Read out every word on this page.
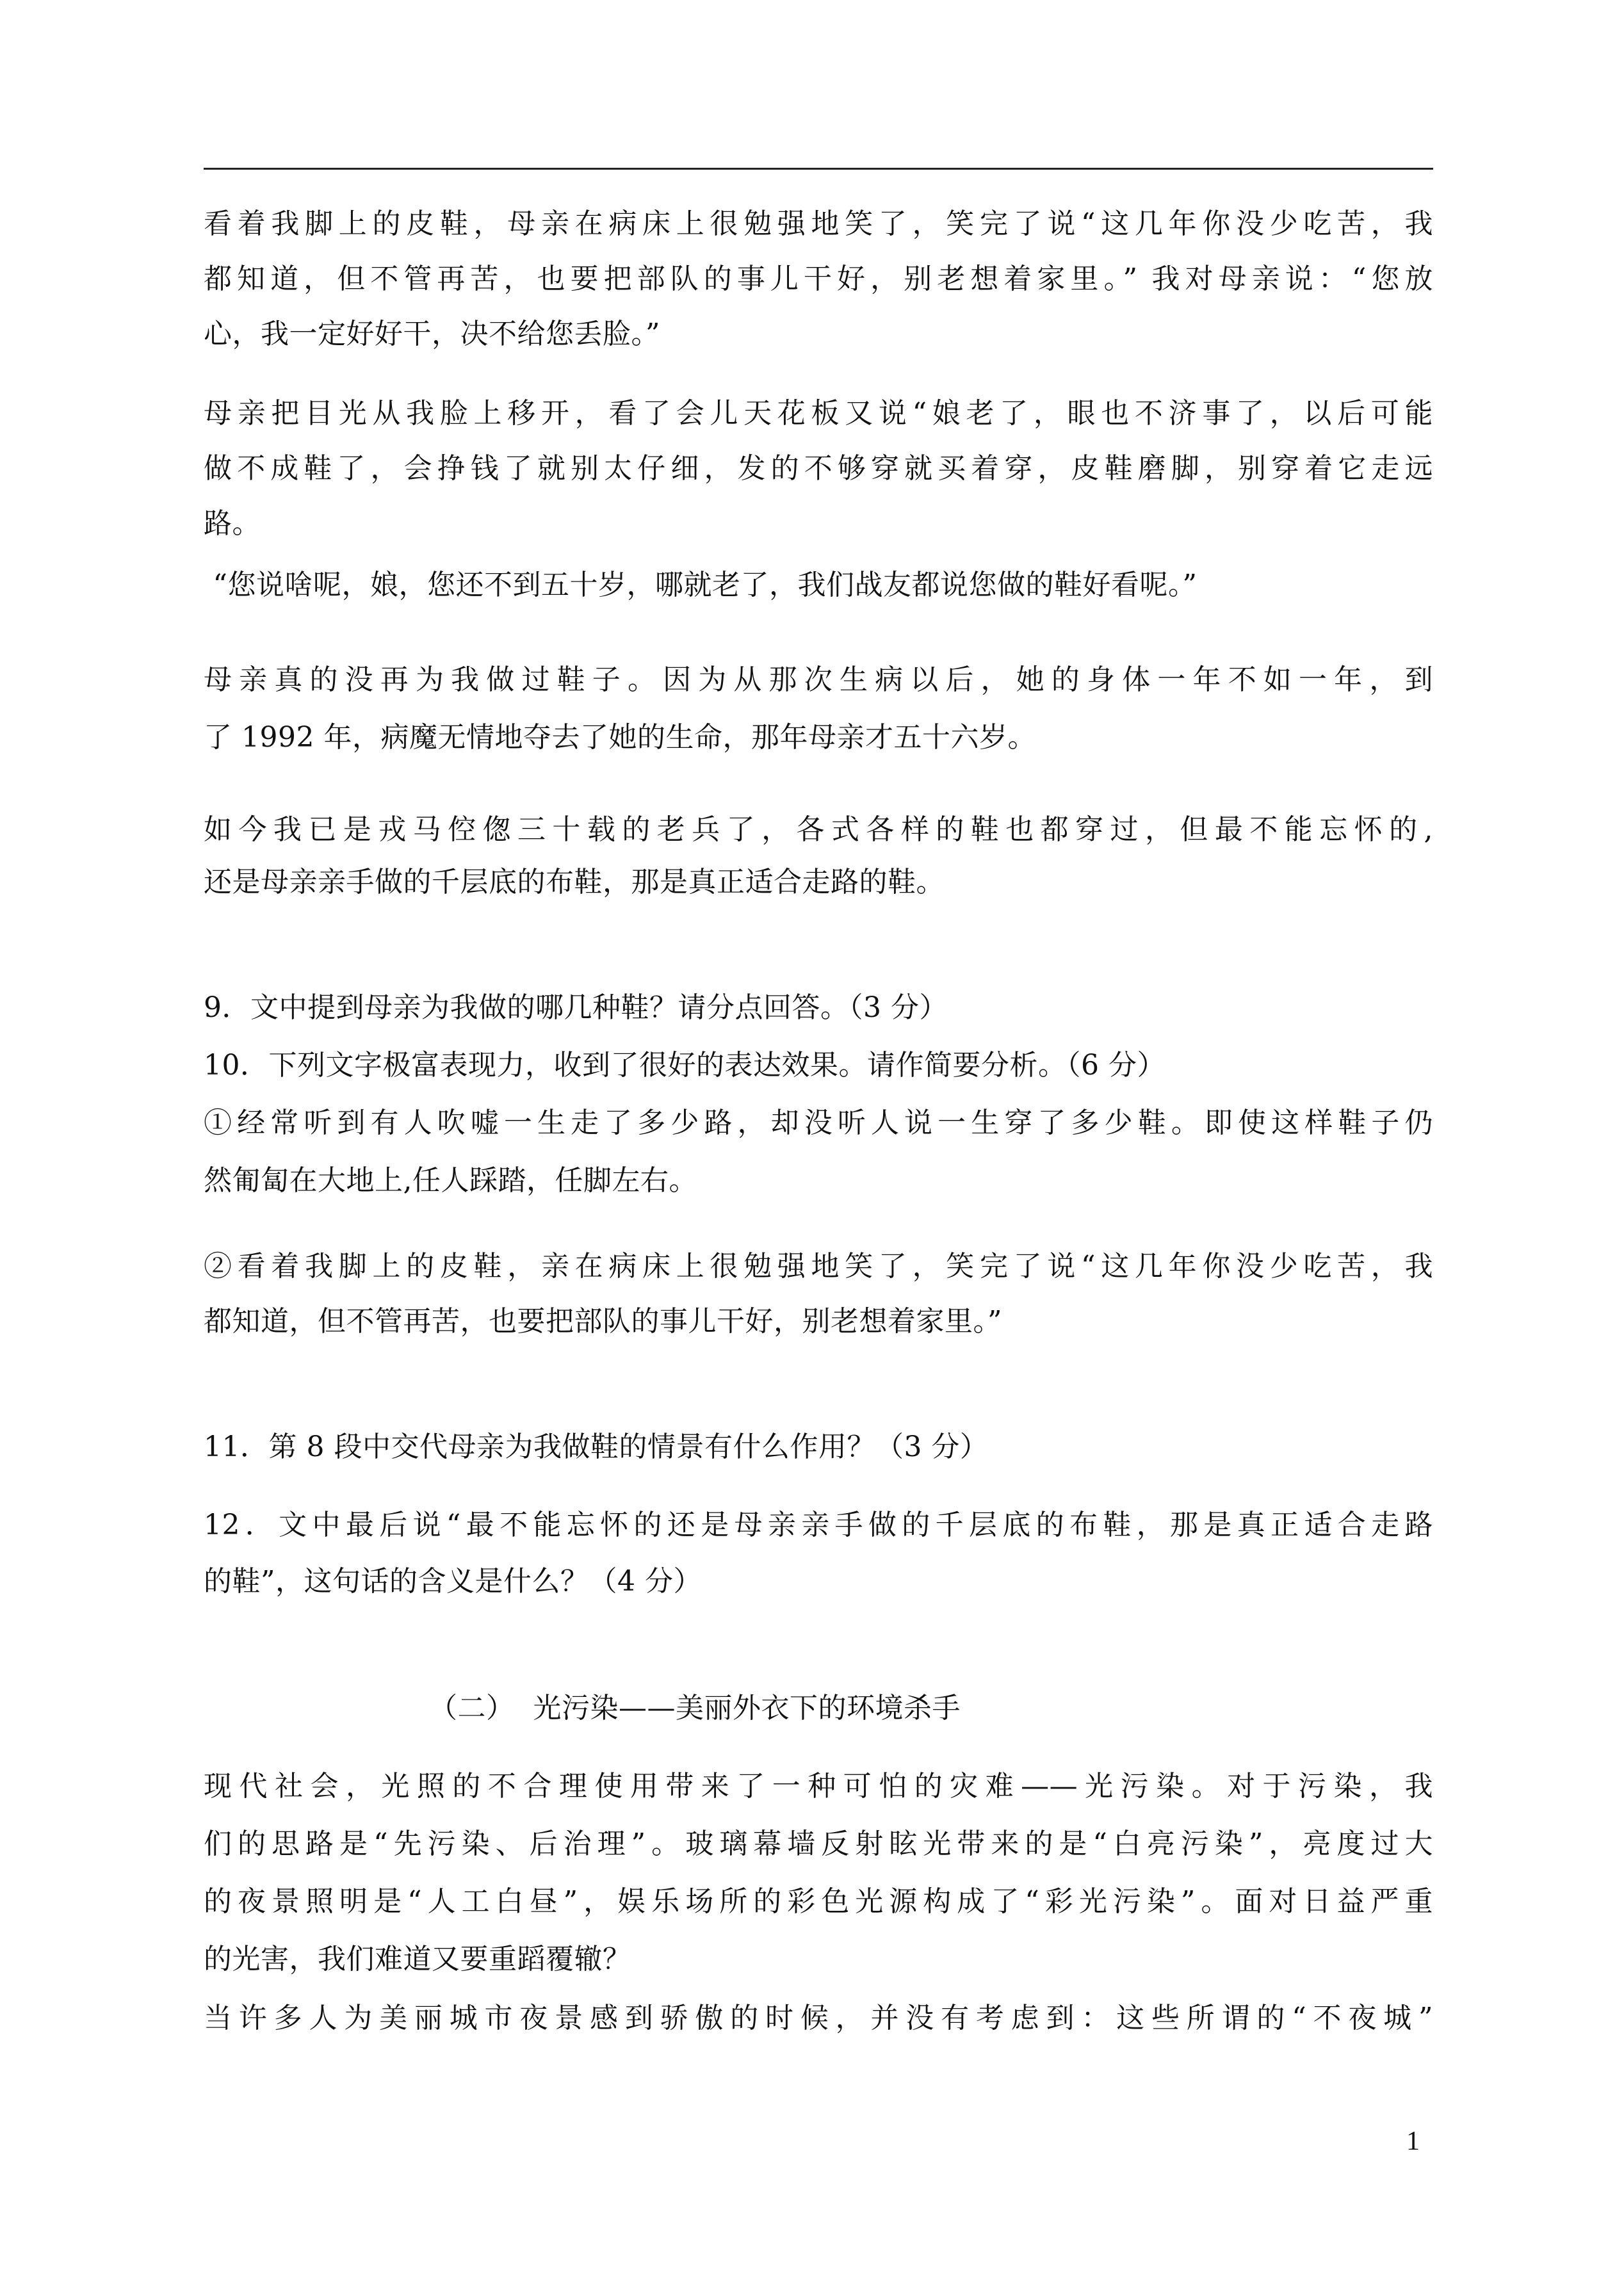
看着我脚上的皮鞋，母亲在病床上很勉强地笑了，笑完了说“这几年你没少吃苦，我
都知道，但不管再苦，也要把部队的事儿干好，别老想着家里。” 我对母亲说：“您放
心，我一定好好干，决不给您丢脸。”
母亲把目光从我脸上移开，看了会儿天花板又说“娘老了，眼也不济事了，以后可能
做不成鞋了，会挣钱了就别太仔细，发的不够穿就买着穿，皮鞋磨脚，别穿着它走远
路。
“您说啥呢，娘，您还不到五十岁，哪就老了，我们战友都说您做的鞋好看呢。”
母亲真的没再为我做过鞋子。因为从那次生病以后，她的身体一年不如一年，到
了 1992 年，病魔无情地夺去了她的生命，那年母亲才五十六岁。
如今我已是戎马倥偬三十载的老兵了，各式各样的鞋也都穿过，但最不能忘怀的,
还是母亲亲手做的千层底的布鞋，那是真正适合走路的鞋。
9．文中提到母亲为我做的哪几种鞋？请分点回答。（3 分）
10．下列文字极富表现力，收到了很好的表达效果。请作简要分析。（6 分）
①经常听到有人吹嘘一生走了多少路，却没听人说一生穿了多少鞋。即使这样鞋子仍
然匍匐在大地上,任人踩踏，任脚左右。
②看着我脚上的皮鞋，亲在病床上很勉强地笑了，笑完了说“这几年你没少吃苦，我
都知道，但不管再苦，也要把部队的事儿干好，别老想着家里。”
11．第 8 段中交代母亲为我做鞋的情景有什么作用？（3 分）
12．文中最后说“最不能忘怀的还是母亲亲手做的千层底的布鞋，那是真正适合走路
的鞋”，这句话的含义是什么？（4 分）
（二）  光污染——美丽外衣下的环境杀手
现代社会，光照的不合理使用带来了一种可怕的灾难——光污染。对于污染，我
们的思路是“先污染、后治理”。玻璃幕墙反射眩光带来的是“白亮污染”，亮度过大
的夜景照明是“人工白昼”，娱乐场所的彩色光源构成了“彩光污染”。面对日益严重
的光害，我们难道又要重蹈覆辙？
当许多人为美丽城市夜景感到骄傲的时候，并没有考虑到：这些所谓的“不夜城”
1
